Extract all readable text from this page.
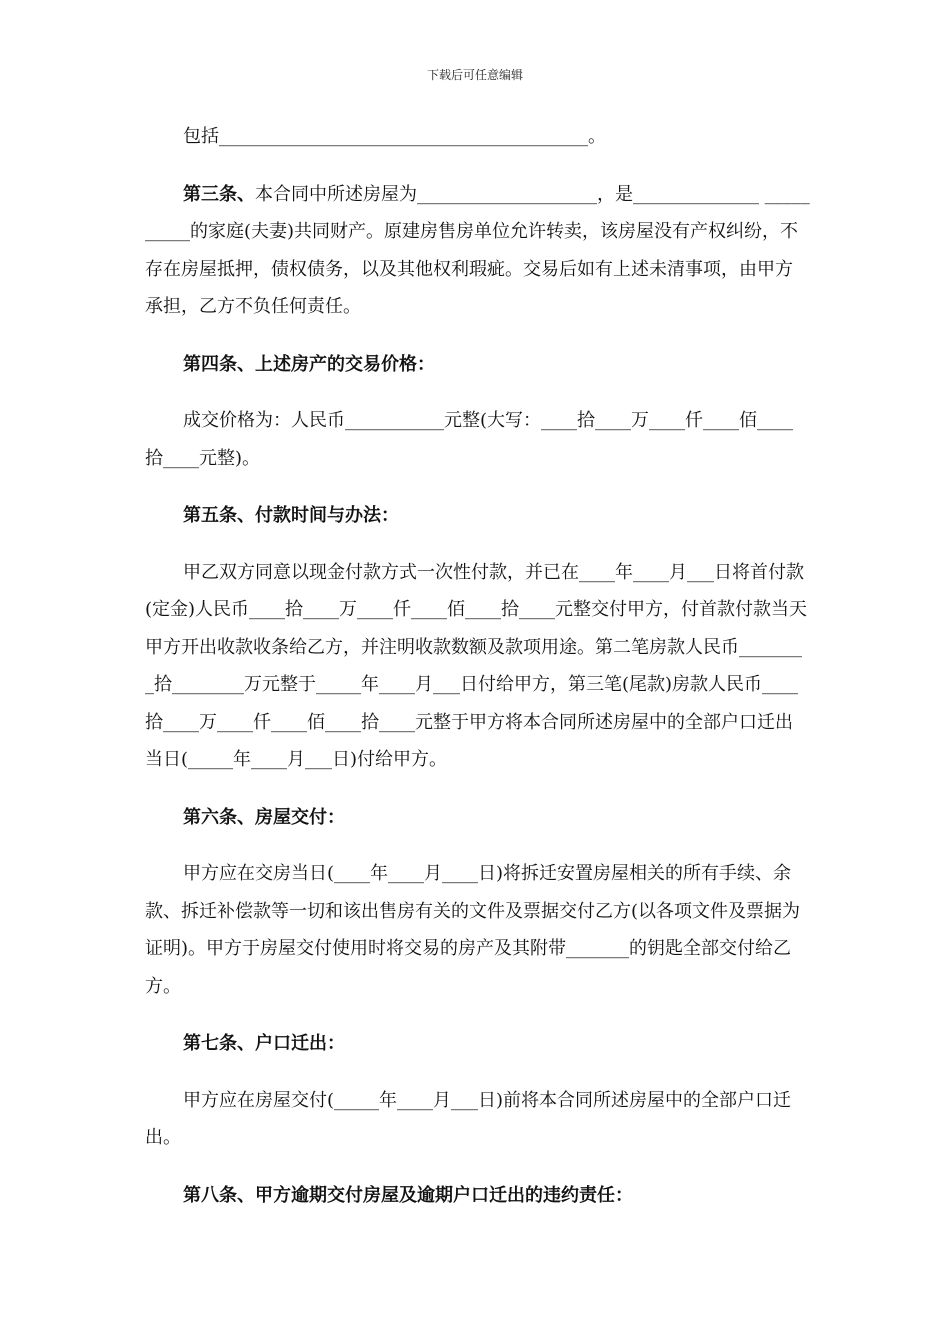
下载后可任意编辑

包括_________________________________________。

第三条、本合同中所述房屋为____________________，是______________ __________的家庭(夫妻)共同财产。原建房售房单位允许转卖，该房屋没有产权纠纷，不存在房屋抵押，债权债务，以及其他权利瑕疵。交易后如有上述未清事项，由甲方承担，乙方不负任何责任。

第四条、上述房产的交易价格：

成交价格为：人民币___________元整(大写：____拾____万____仟____佰____拾____元整)。

第五条、付款时间与办法：

甲乙双方同意以现金付款方式一次性付款，并已在____年____月___日将首付款(定金)人民币____拾____万____仟____佰____拾____元整交付甲方，付首款付款当天甲方开出收款收条给乙方，并注明收款数额及款项用途。第二笔房款人民币________拾________万元整于_____年____月___日付给甲方，第三笔(尾款)房款人民币____拾____万____仟____佰____拾____元整于甲方将本合同所述房屋中的全部户口迁出当日(_____年____月___日)付给甲方。

第六条、房屋交付：

甲方应在交房当日(____年____月____日)将拆迁安置房屋相关的所有手续、余款、拆迁补偿款等一切和该出售房有关的文件及票据交付乙方(以各项文件及票据为证明)。甲方于房屋交付使用时将交易的房产及其附带_______的钥匙全部交付给乙方。

第七条、户口迁出：

甲方应在房屋交付(_____年____月___日)前将本合同所述房屋中的全部户口迁出。

第八条、甲方逾期交付房屋及逾期户口迁出的违约责任：
